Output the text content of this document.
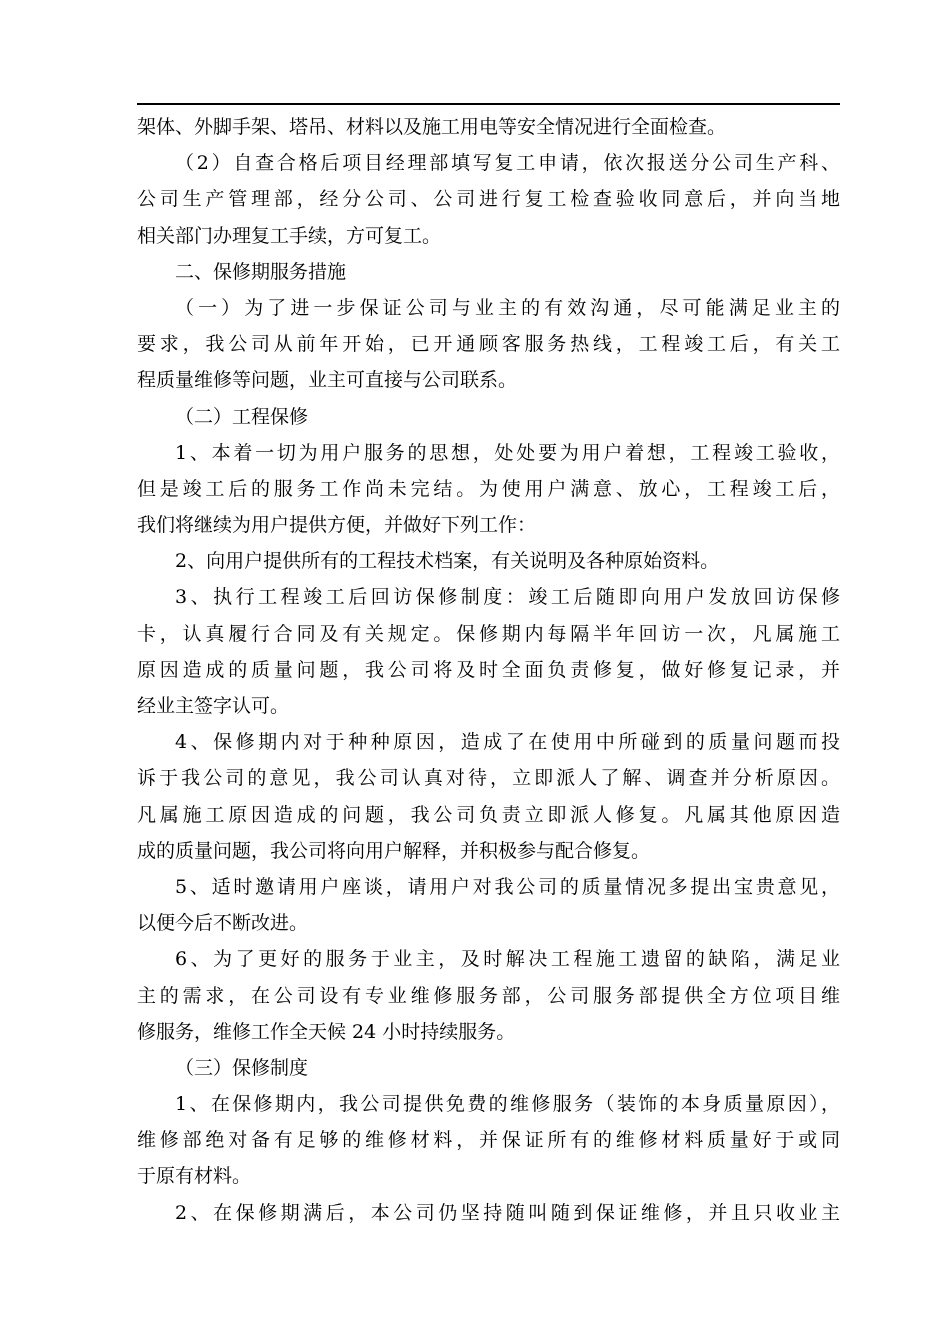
架体、外脚手架、塔吊、材料以及施工用电等安全情况进行全面检查。
（2）自查合格后项目经理部填写复工申请，依次报送分公司生产科、
公司生产管理部，经分公司、公司进行复工检查验收同意后，并向当地
相关部门办理复工手续，方可复工。
二、保修期服务措施
（一）为了进一步保证公司与业主的有效沟通，尽可能满足业主的
要求，我公司从前年开始，已开通顾客服务热线，工程竣工后，有关工
程质量维修等问题，业主可直接与公司联系。
（二）工程保修
1、本着一切为用户服务的思想，处处要为用户着想，工程竣工验收，
但是竣工后的服务工作尚未完结。为使用户满意、放心，工程竣工后，
我们将继续为用户提供方便，并做好下列工作：
2、向用户提供所有的工程技术档案，有关说明及各种原始资料。
3、执行工程竣工后回访保修制度：竣工后随即向用户发放回访保修
卡，认真履行合同及有关规定。保修期内每隔半年回访一次，凡属施工
原因造成的质量问题，我公司将及时全面负责修复，做好修复记录，并
经业主签字认可。
4、保修期内对于种种原因，造成了在使用中所碰到的质量问题而投
诉于我公司的意见，我公司认真对待，立即派人了解、调查并分析原因。
凡属施工原因造成的问题，我公司负责立即派人修复。凡属其他原因造
成的质量问题，我公司将向用户解释，并积极参与配合修复。
5、适时邀请用户座谈，请用户对我公司的质量情况多提出宝贵意见，
以便今后不断改进。
6、为了更好的服务于业主，及时解决工程施工遗留的缺陷，满足业
主的需求，在公司设有专业维修服务部，公司服务部提供全方位项目维
修服务，维修工作全天候 24 小时持续服务。
（三）保修制度
1、在保修期内，我公司提供免费的维修服务（装饰的本身质量原因），
维修部绝对备有足够的维修材料，并保证所有的维修材料质量好于或同
于原有材料。
2、在保修期满后，本公司仍坚持随叫随到保证维修，并且只收业主
